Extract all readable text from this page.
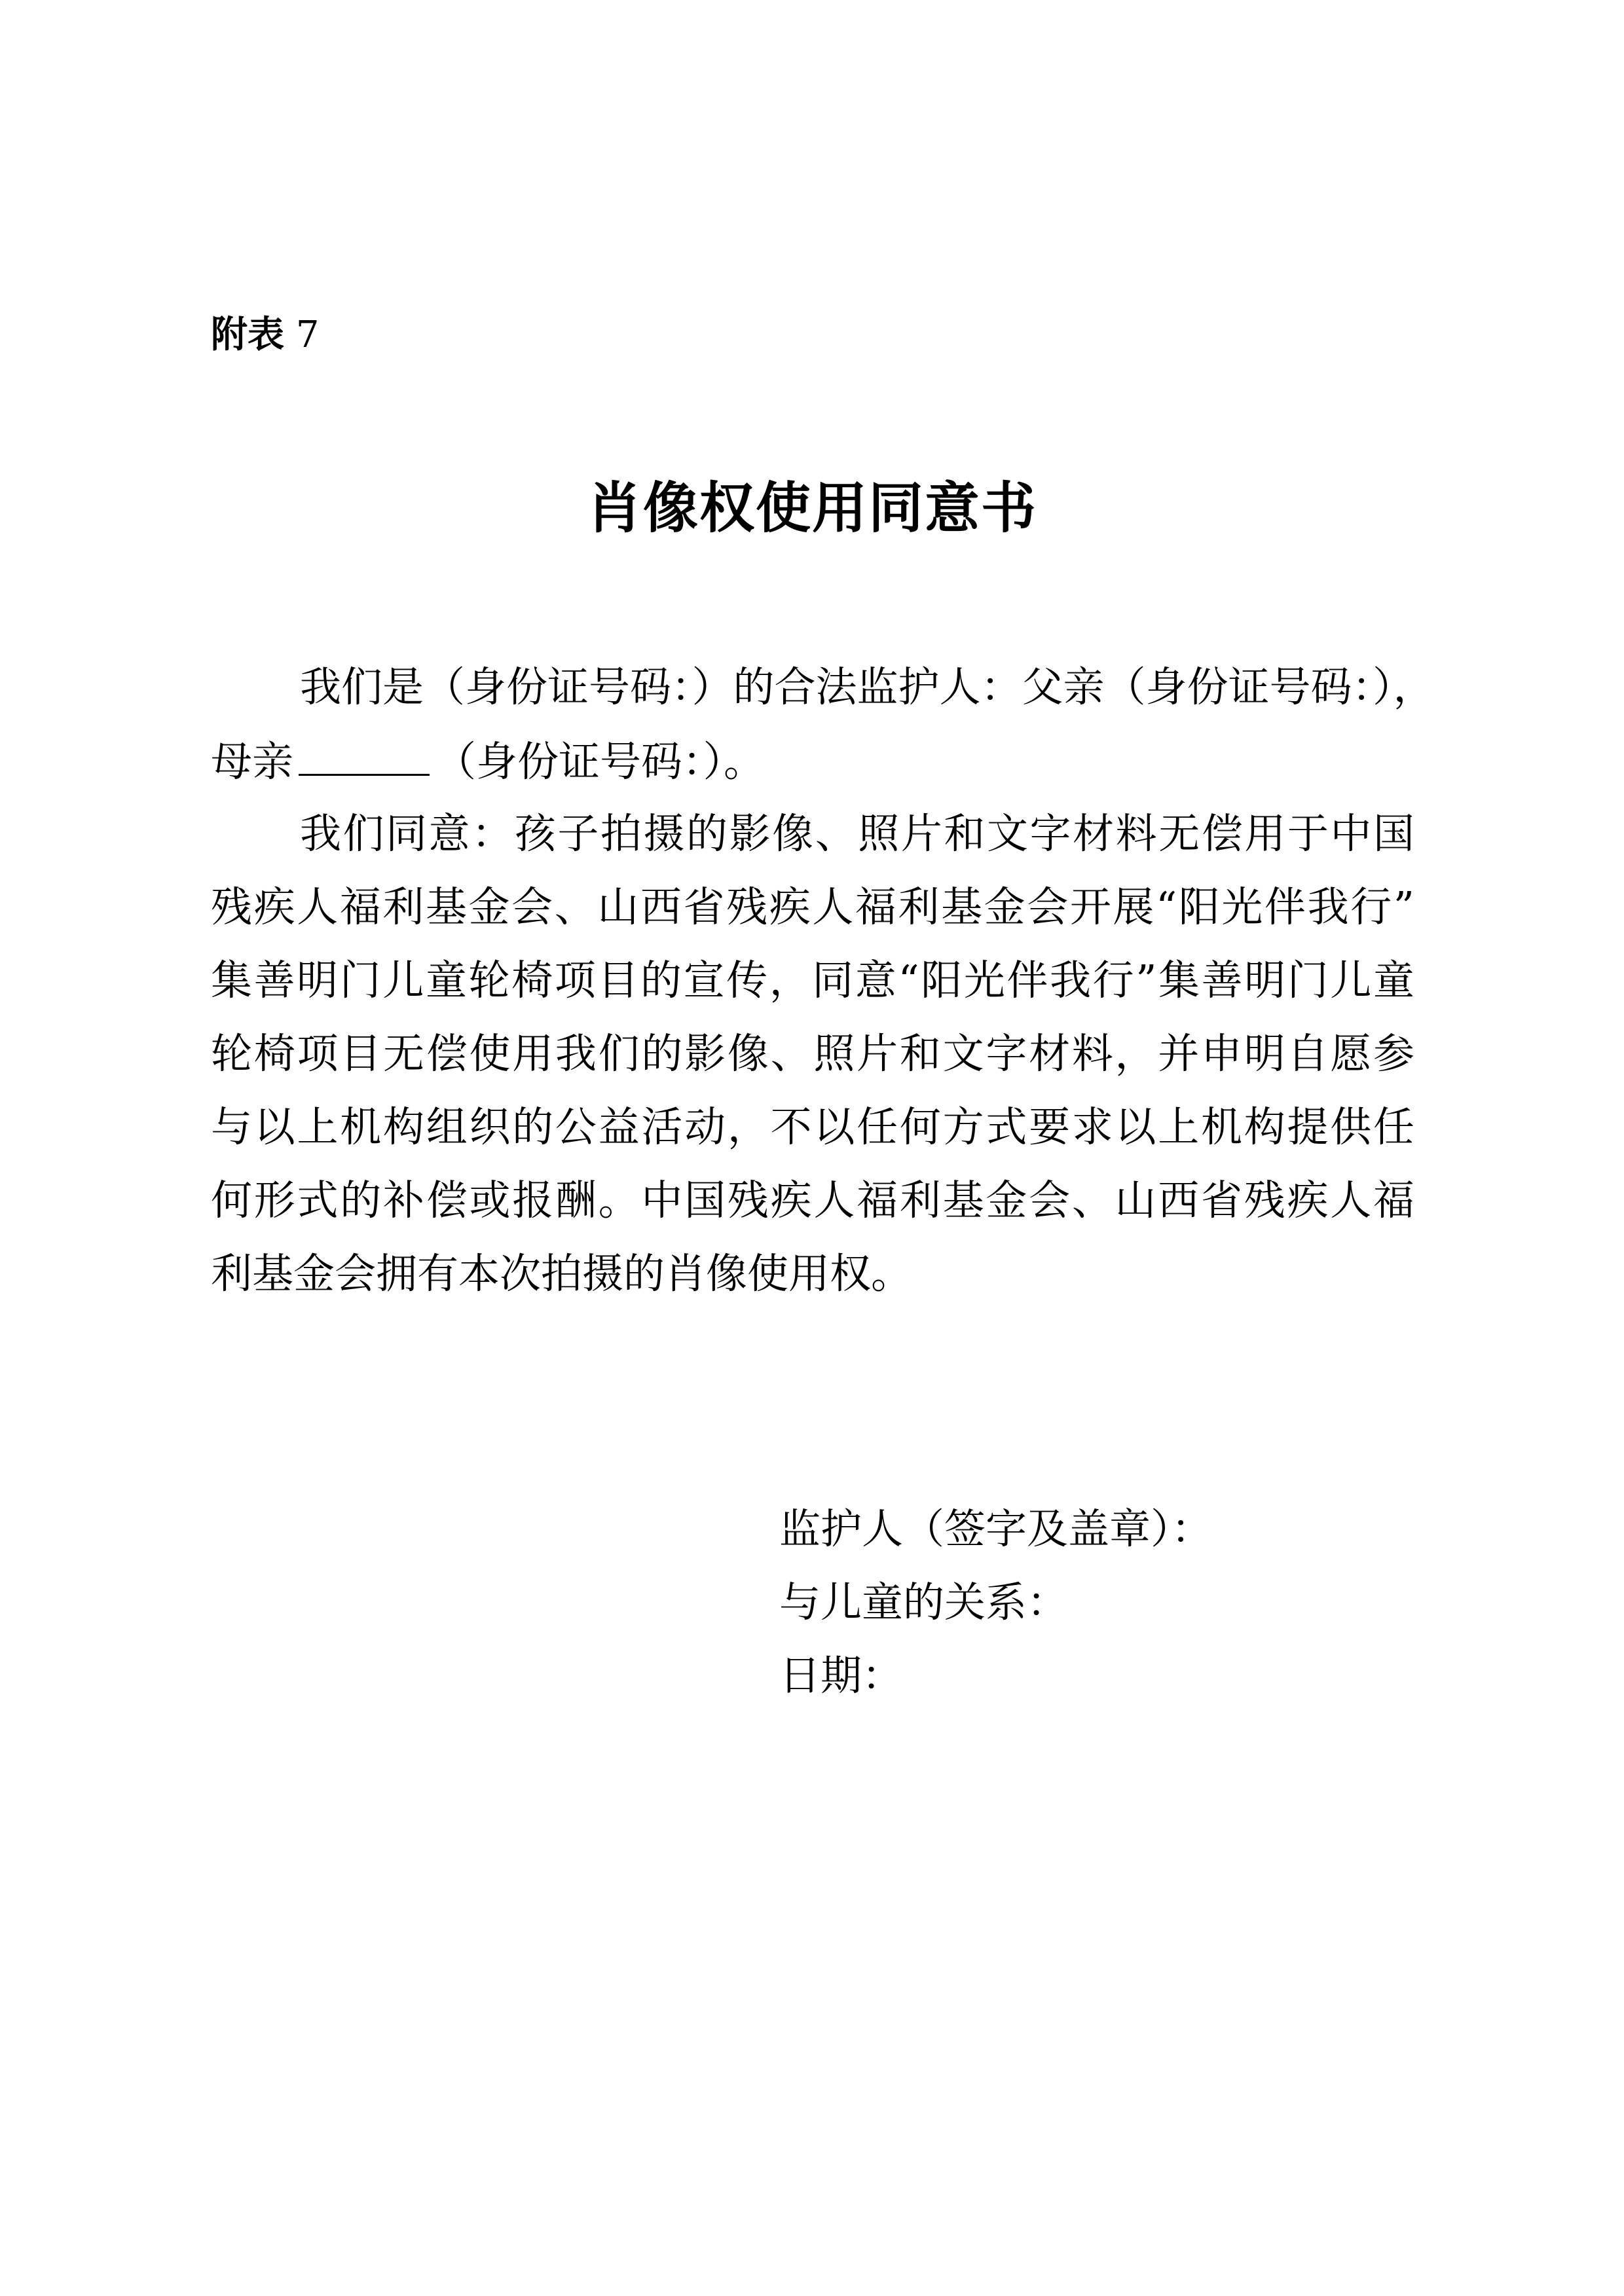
附表 7
肖像权使用同意书
我们是（身份证号码：）的合法监护人：父亲（身份证号码：），
母亲	（身份证号码：）。
我们同意：孩子拍摄的影像、照片和文字材料无偿用于中国
残疾人福利基金会、山西省残疾人福利基金会开展“阳光伴我行”
集善明门儿童轮椅项目的宣传，同意“阳光伴我行”集善明门儿童
轮椅项目无偿使用我们的影像、照片和文字材料，并申明自愿参
与以上机构组织的公益活动，不以任何方式要求以上机构提供任
何形式的补偿或报酬。中国残疾人福利基金会、山西省残疾人福
利基金会拥有本次拍摄的肖像使用权。
监护人（签字及盖章）：
与儿童的关系：
日期：
